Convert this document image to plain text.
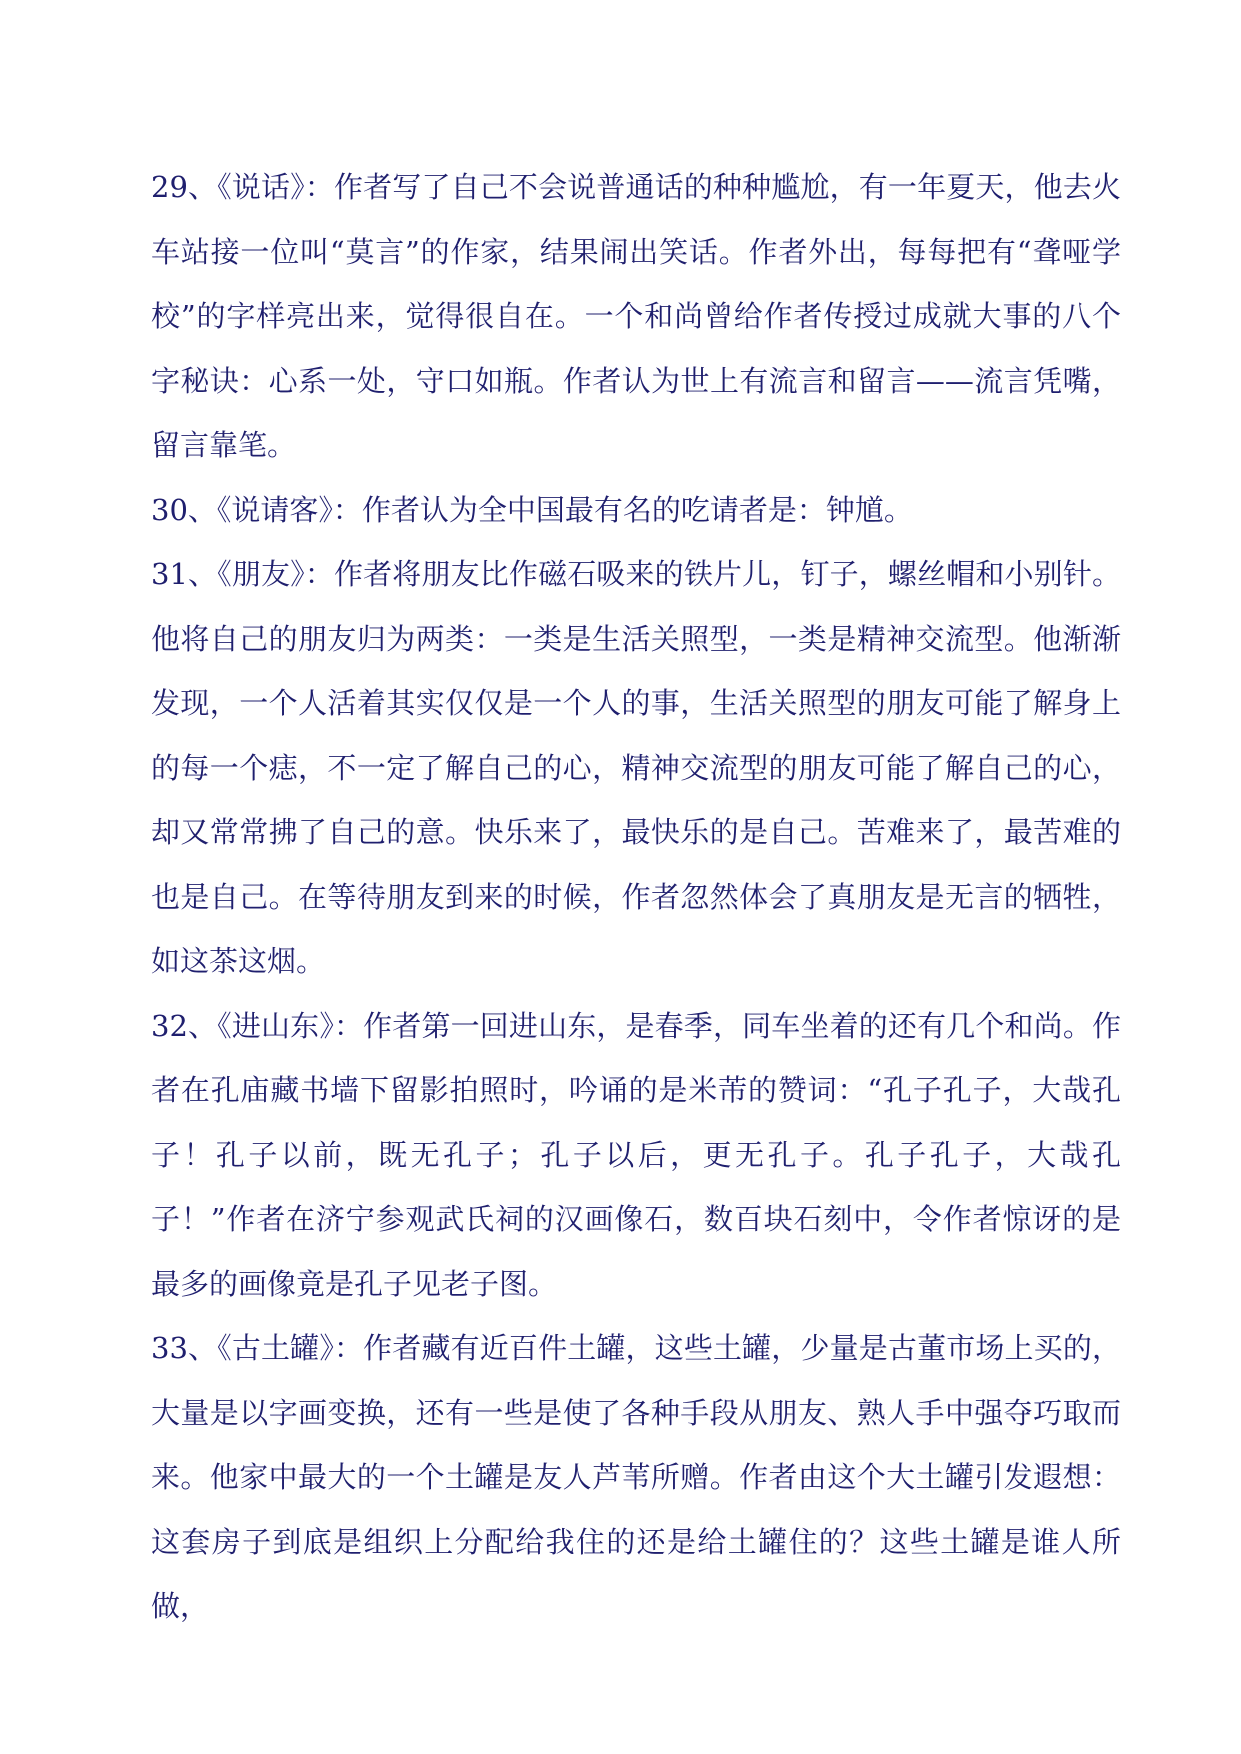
29、《说话》：作者写了自己不会说普通话的种种尴尬，有一年夏天，他去火车站接一位叫“莫言”的作家，结果闹出笑话。作者外出，每每把有“聋哑学校”的字样亮出来，觉得很自在。一个和尚曾给作者传授过成就大事的八个字秘诀：心系一处，守口如瓶。作者认为世上有流言和留言——流言凭嘴，留言靠笔。

30、《说请客》：作者认为全中国最有名的吃请者是：钟馗。

31、《朋友》：作者将朋友比作磁石吸来的铁片儿，钉子，螺丝帽和小别针。他将自己的朋友归为两类：一类是生活关照型，一类是精神交流型。他渐渐发现，一个人活着其实仅仅是一个人的事，生活关照型的朋友可能了解身上的每一个痣，不一定了解自己的心，精神交流型的朋友可能了解自己的心，却又常常拂了自己的意。快乐来了，最快乐的是自己。苦难来了，最苦难的也是自己。在等待朋友到来的时候，作者忽然体会了真朋友是无言的牺牲，如这茶这烟。

32、《进山东》：作者第一回进山东，是春季，同车坐着的还有几个和尚。作者在孔庙藏书墙下留影拍照时，吟诵的是米芾的赞词：“孔子孔子，大哉孔子！孔子以前，既无孔子；孔子以后，更无孔子。孔子孔子，大哉孔子！”作者在济宁参观武氏祠的汉画像石，数百块石刻中，令作者惊讶的是最多的画像竟是孔子见老子图。

33、《古土罐》：作者藏有近百件土罐，这些土罐，少量是古董市场上买的，大量是以字画变换，还有一些是使了各种手段从朋友、熟人手中强夺巧取而来。他家中最大的一个土罐是友人芦苇所赠。作者由这个大土罐引发遐想：这套房子到底是组织上分配给我住的还是给土罐住的？这些土罐是谁人所做，
